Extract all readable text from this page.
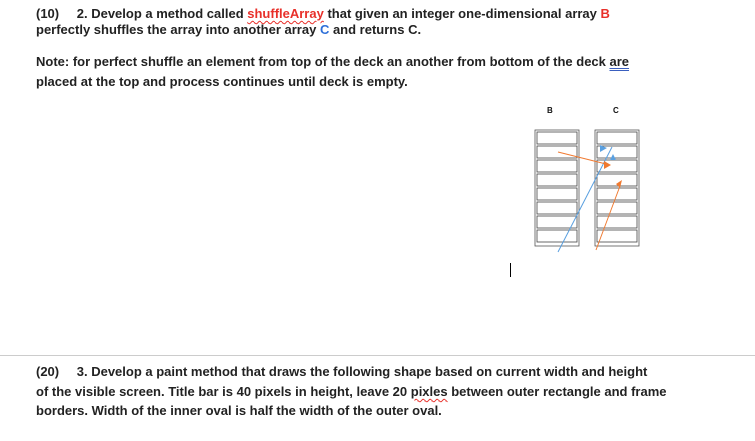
(10) 2. Develop a method called shuffleArray that given an integer one-dimensional array B
perfectly shuffles the array into another array C and returns C.
Note: for perfect shuffle an element from top of the deck an another from bottom of the deck are
placed at the top and process continues until deck is empty.
B	C
(20) 3. Develop a paint method that draws the following shape based on current width and height
of the visible screen. Title bar is 40 pixels in height, leave 20 pixles between outer rectangle and frame
borders. Width of the inner oval is half the width of the outer oval.
